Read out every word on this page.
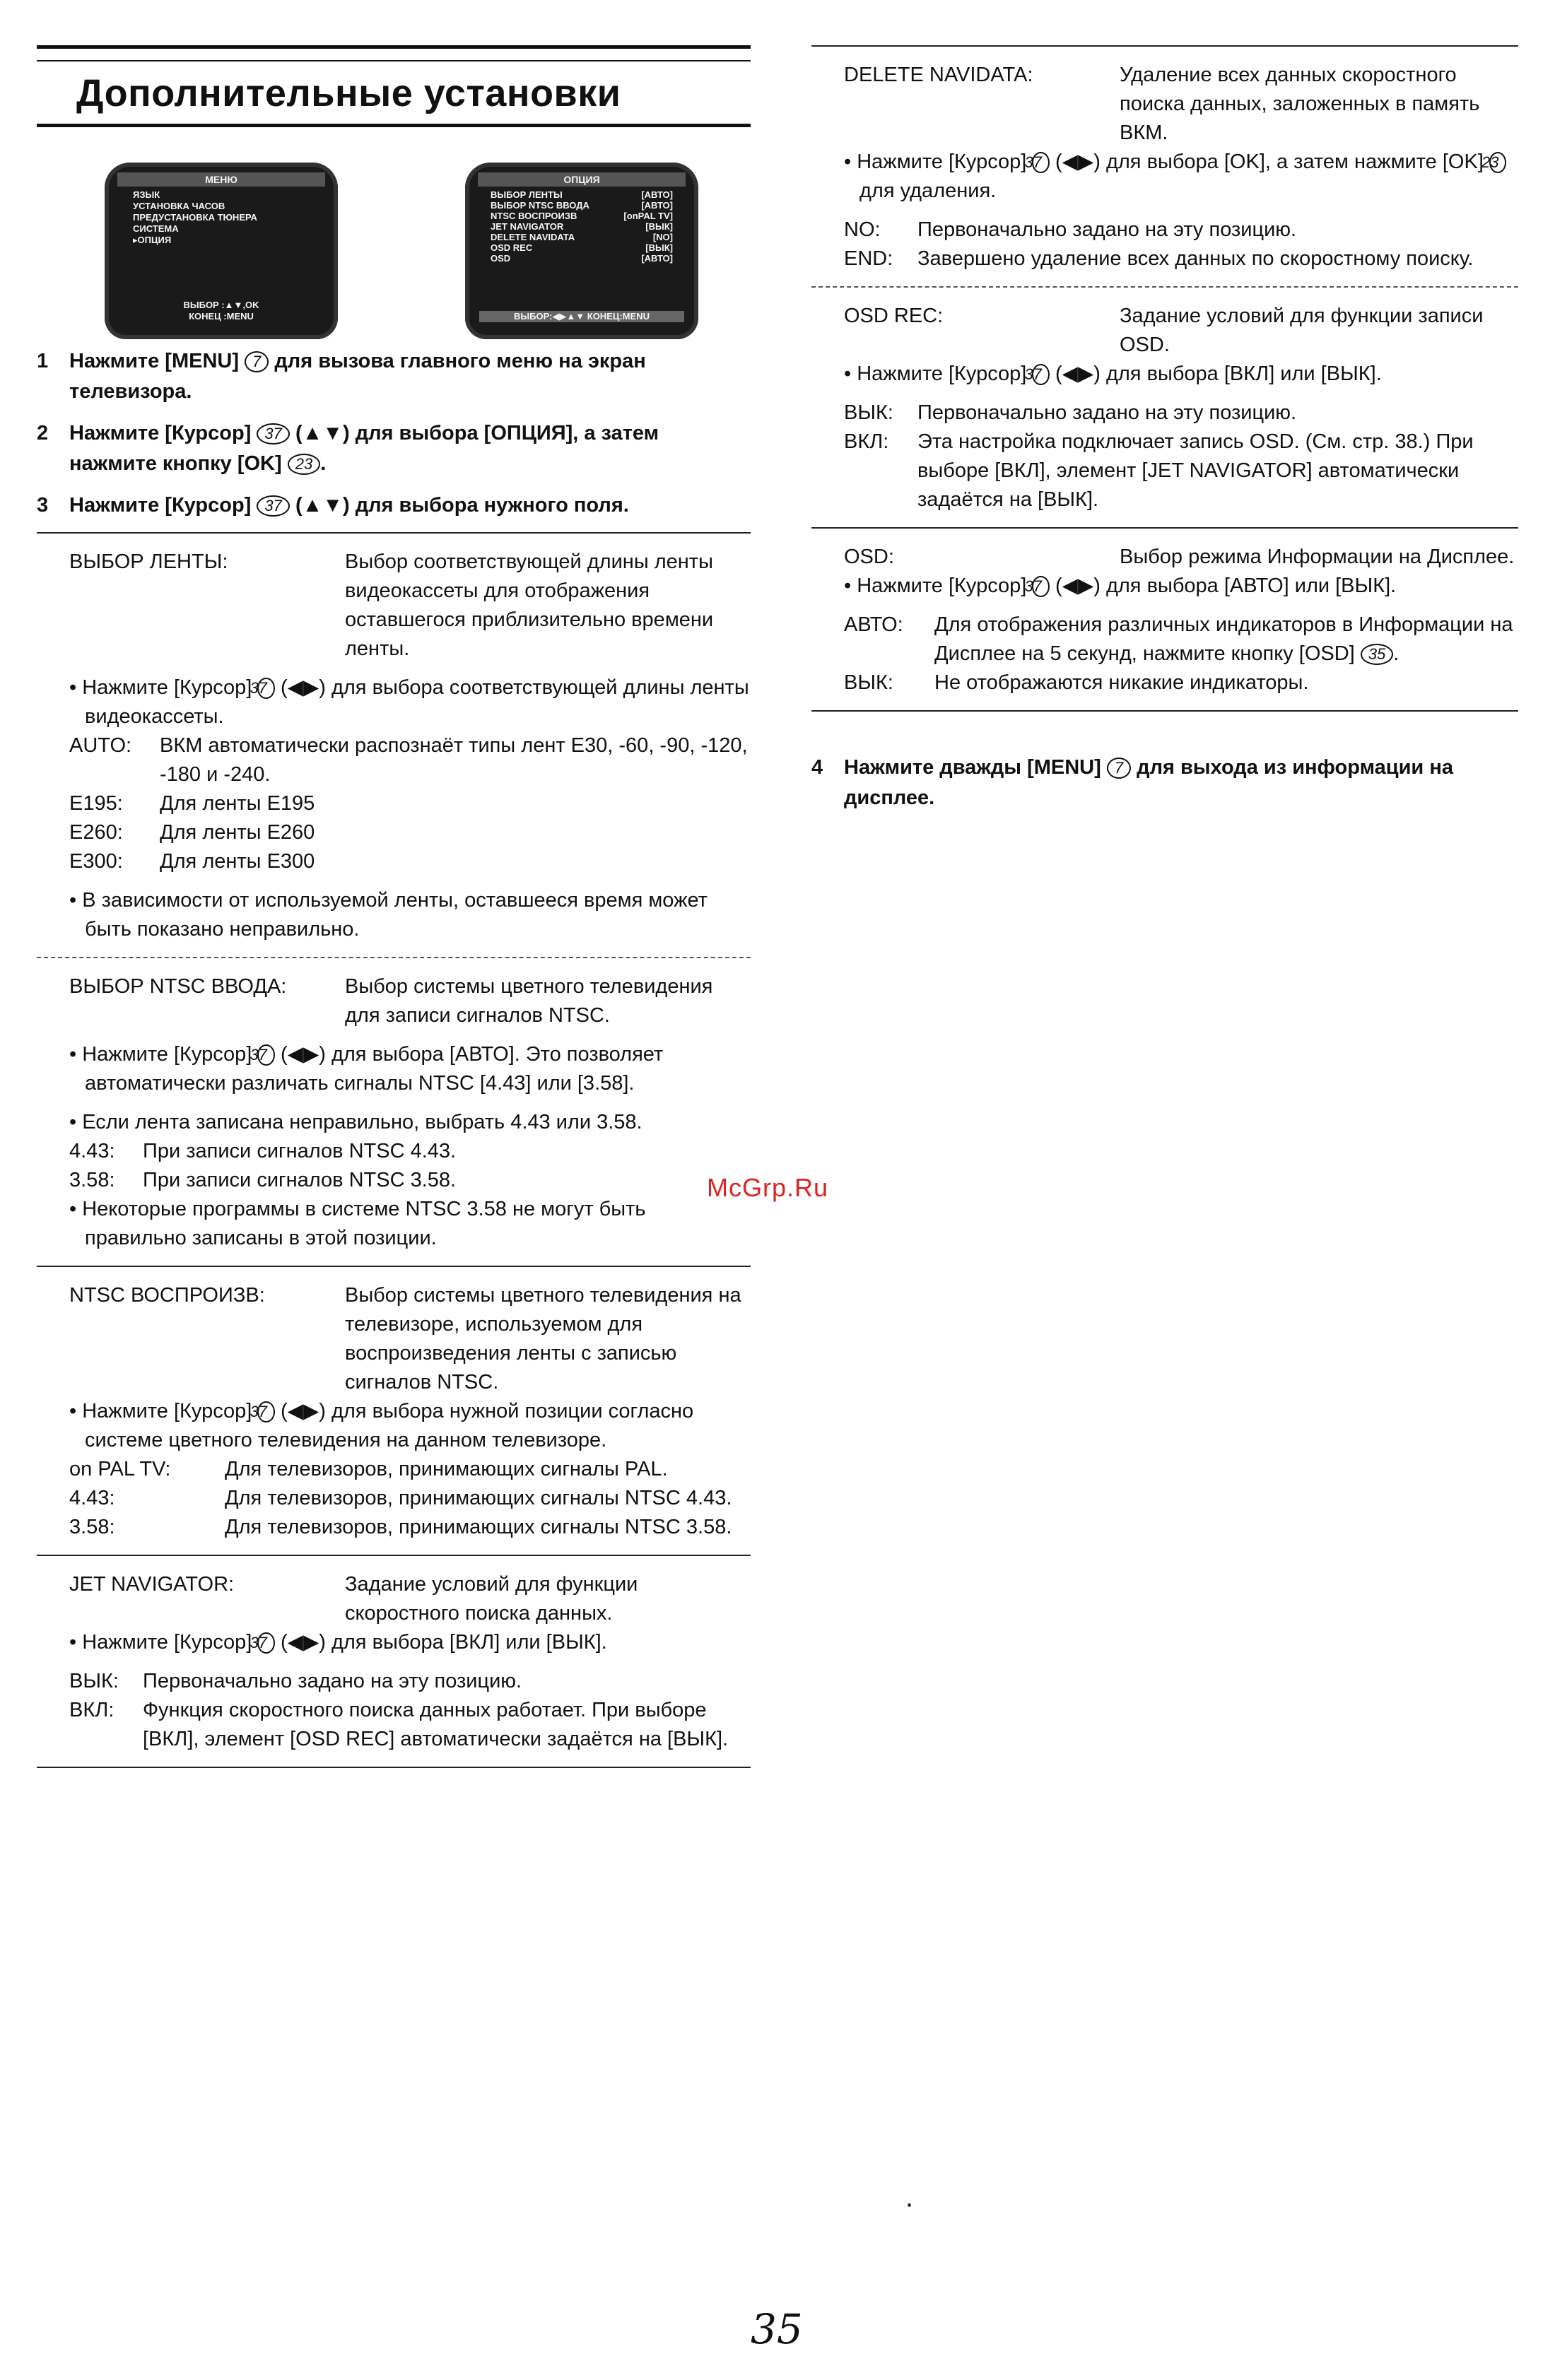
Дополнительные установки
МЕНЮ
ЯЗЫК
УСТАНОВКА ЧАСОВ
ПРЕДУСТАНОВКА ТЮНЕРА
СИСТЕМА
▸ОПЦИЯ
ВЫБОР :▲▼,OK
КОНЕЦ :MENU
ОПЦИЯ
ВЫБОР ЛЕНТЫ	[АВТО]
ВЫБОР NTSC ВВОДА	[АВТО]
NTSC ВОСПРОИЗВ	[onPAL TV]
JET NAVIGATOR	[ВЫК]
DELETE NAVIDATA	[NO]
OSD REC	[ВЫК]
OSD	[АВТО]
ВЫБОР:◀▶▲▼ КОНЕЦ:MENU
1	Нажмите [MENU] 7 для вызова главного меню на экран телевизора.
2	Нажмите [Курсор] 37 (▲▼) для выбора [ОПЦИЯ], а затем нажмите кнопку [OK] 23 .
3	Нажмите [Курсор] 37 (▲▼) для выбора нужного поля.
ВЫБОР ЛЕНТЫ:	Выбор соответствующей длины ленты видеокассеты для отображения оставшегося приблизительно времени ленты.
• Нажмите [Курсор] 37 (◀▶) для выбора соответствующей длины ленты видеокассеты.
AUTO:	ВКМ автоматически распознаёт типы лент E30, -60, -90, -120, -180 и -240.
E195:	Для ленты E195
E260:	Для ленты E260
E300:	Для ленты E300
• В зависимости от используемой ленты, оставшееся время может быть показано неправильно.
ВЫБОР NTSC ВВОДА:	Выбор системы цветного телевидения для записи сигналов NTSC.
• Нажмите [Курсор] 37 (◀▶) для выбора [АВТО]. Это позволяет автоматически различать сигналы NTSC [4.43] или [3.58].
• Если лента записана неправильно, выбрать 4.43 или 3.58.
4.43:	При записи сигналов NTSC 4.43.
3.58:	При записи сигналов NTSC 3.58.
• Некоторые программы в системе NTSC 3.58 не могут быть правильно записаны в этой позиции.
NTSC ВОСПРОИЗВ:	Выбор системы цветного телевидения на телевизоре, используемом для воспроизведения ленты с записью сигналов NTSC.
• Нажмите [Курсор] 37 (◀▶) для выбора нужной позиции согласно системе цветного телевидения на данном телевизоре.
on PAL TV:	Для телевизоров, принимающих сигналы PAL.
4.43:	Для телевизоров, принимающих сигналы NTSC 4.43.
3.58:	Для телевизоров, принимающих сигналы NTSC 3.58.
JET NAVIGATOR:	Задание условий для функции скоростного поиска данных.
• Нажмите [Курсор] 37 (◀▶) для выбора [ВКЛ] или [ВЫК].
ВЫК:	Первоначально задано на эту позицию.
ВКЛ:	Функция скоростного поиска данных работает. При выборе [ВКЛ], элемент [OSD REC] автоматически задаётся на [ВЫК].
DELETE NAVIDATA:	Удаление всех данных скоростного поиска данных, заложенных в память ВКМ.
• Нажмите [Курсор] 37 (◀▶) для выбора [OK], а затем нажмите [OK] 23 для удаления.
NO:	Первоначально задано на эту позицию.
END:	Завершено удаление всех данных по скоростному поиску.
OSD REC:	Задание условий для функции записи OSD.
• Нажмите [Курсор] 37 (◀▶) для выбора [ВКЛ] или [ВЫК].
ВЫК:	Первоначально задано на эту позицию.
ВКЛ:	Эта настройка подключает запись OSD. (См. стр. 38.) При выборе [ВКЛ], элемент [JET NAVIGATOR] автоматически задаётся на [ВЫК].
OSD:	Выбор режима Информации на Дисплее.
• Нажмите [Курсор] 37 (◀▶) для выбора [АВТО] или [ВЫК].
АВТО:	Для отображения различных индикаторов в Информации на Дисплее на 5 секунд, нажмите кнопку [OSD] 35 .
ВЫК:	Не отображаются никакие индикаторы.
4	Нажмите дважды [MENU] 7 для выхода из информации на дисплее.
McGrp.Ru
35
